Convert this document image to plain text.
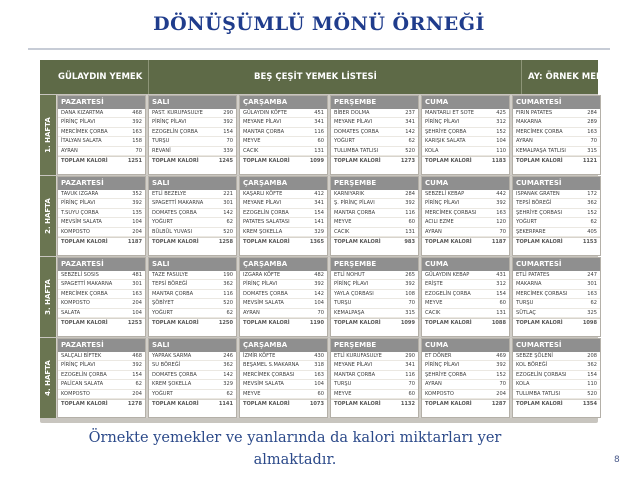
DÖNÜŞÜMLÜ MÖNÜ ÖRNEĞİ
GÜLAYDIN YEMEK	BEŞ ÇEŞİT YEMEK LİSTESİ	AY: ÖRNEK MENÜ
1. HAFTA
PAZARTESİ
DANA KIZARTMA	468
PİRİNÇ PİLAVI	392
MERCİMEK ÇORBA	163
İTALYAN SALATA	158
AYRAN	70
TOPLAM KALORİ	1251
SALI
PAST. KURUFASULYE	290
PİRİNÇ PİLAVI	392
EZOGELİN ÇORBA	154
TURŞU	70
REVANİ	339
TOPLAM KALORİ	1245
ÇARŞAMBA
GÜLAYDIN KÖFTE	451
MEYANE PİLAVI	341
MANTAR ÇORBA	116
MEYVE	60
CACIK	131
TOPLAM KALORİ	1099
PERŞEMBE
BİBER DOLMA	237
MEYANE PİLAVI	341
DOMATES ÇORBA	142
YOĞURT	62
TULUMBA TATLISI	520
TOPLAM KALORİ	1273
CUMA
MANTARLI ET SOTE	425
PİRİNÇ PİLAVI	312
ŞEHRİYE ÇORBA	152
KARIŞIK SALATA	104
KOLA	110
TOPLAM KALORİ	1183
CUMARTESİ
FIRIN PATATES	284
MAKARNA	289
MERCİMEK ÇORBA	163
AYRAN	70
KEMALPAŞA TATLISI	315
TOPLAM KALORİ	1121
2. HAFTA
PAZARTESİ
TAVUK IZGARA	352
PİRİNÇ PİLAVI	392
T.SUYU ÇORBA	135
MEVSİM SALATA	104
KOMPOSTO	204
TOPLAM KALORİ	1187
SALI
ETLİ BEZELYE	221
SPAGETTİ MAKARNA	301
DOMATES ÇORBA	142
YOĞURT	62
BÜLBÜL YUVASI	520
TOPLAM KALORİ	1258
ÇARŞAMBA
KAŞARLI KÖFTE	412
MEYANE PİLAVI	341
EZOGELİN ÇORBA	154
PATATES SALATASI	141
KREM ŞOKELLA	329
TOPLAM KALORİ	1365
PERŞEMBE
KARNIYARIK	284
Ş. PİRİNÇ PİLAVI	392
MANTAR ÇORBA	116
MEYVE	60
CACIK	131
TOPLAM KALORİ	983
CUMA
SEBZELİ KEBAP	442
PİRİNÇ PİLAVI	392
MERCİMEK ÇORBASI	163
ACILI EZME	120
AYRAN	70
TOPLAM KALORİ	1187
CUMARTESİ
ISPANAK GRATEN	172
TEPSİ BÖREĞİ	362
ŞEHRİYE ÇORBASI	152
YOĞURT	62
ŞEKERPARE	405
TOPLAM KALORİ	1153
3. HAFTA
PAZARTESİ
SEBZELİ SOSIS	481
SPAGETTİ MAKARNA	301
MERCİMEK ÇORBA	163
KOMPOSTO	204
SALATA	104
TOPLAM KALORİ	1253
SALI
TAZE FASULYE	190
TEPSİ BÖREĞİ	362
MANTAR ÇORBA	116
ŞÖBİYET	520
YOĞURT	62
TOPLAM KALORİ	1250
ÇARŞAMBA
IZGARA KÖFTE	482
PİRİNÇ PİLAVI	392
DOMATES ÇORBA	142
MEVSİM SALATA	104
AYRAN	70
TOPLAM KALORİ	1190
PERŞEMBE
ETLİ NOHUT	265
PİRİNÇ PİLAVI	392
YAYLA ÇORBASI	108
TURŞU	70
KEMALPAŞA	315
TOPLAM KALORİ	1099
CUMA
GÜLAYDIN KEBAP	431
ERİŞTE	312
EZOGELİN ÇORBA	154
MEYVE	60
CACIK	131
TOPLAM KALORİ	1088
CUMARTESİ
ETLİ PATATES	247
MAKARNA	301
MERCİMEK ÇORBASI	163
TURŞU	62
SÜTLAÇ	325
TOPLAM KALORİ	1098
4. HAFTA
PAZARTESİ
SALÇALI BİFTEK	468
PİRİNÇ PİLAVI	392
EZOGELİN ÇORBA	154
PALİCAN SALATA	62
KOMPOSTO	204
TOPLAM KALORİ	1278
SALI
YAPRAK SARMA	246
SU BÖREĞİ	362
DOMATES ÇORBA	142
KREM ŞOKELLA	329
YOĞURT	62
TOPLAM KALORİ	1141
ÇARŞAMBA
İZMİR KÖFTE	430
BEŞAMEL S.MAKARNA	318
MERCİMEK ÇORBASI	163
MEVSİM SALATA	104
MEYVE	60
TOPLAM KALORİ	1073
PERŞEMBE
ETLİ KURUFASULYE	290
MEYANE PİLAVI	341
MANTAR ÇORBA	116
TURŞU	70
MEYVE	60
TOPLAM KALORİ	1132
CUMA
ET DÖNER	469
PİRİNÇ PİLAVI	392
ŞEHRİYE ÇORBA	152
AYRAN	70
KOMPOSTO	204
TOPLAM KALORİ	1287
CUMARTESİ
SEBZE ŞÖLENİ	208
KOL BÖREĞİ	362
EZOGELİN ÇORBASI	154
KOLA	110
TULUMBA TATLISI	520
TOPLAM KALORİ	1354
Örnekte yemekler ve yanlarında da kalori miktarları yer
almaktadır.	8
